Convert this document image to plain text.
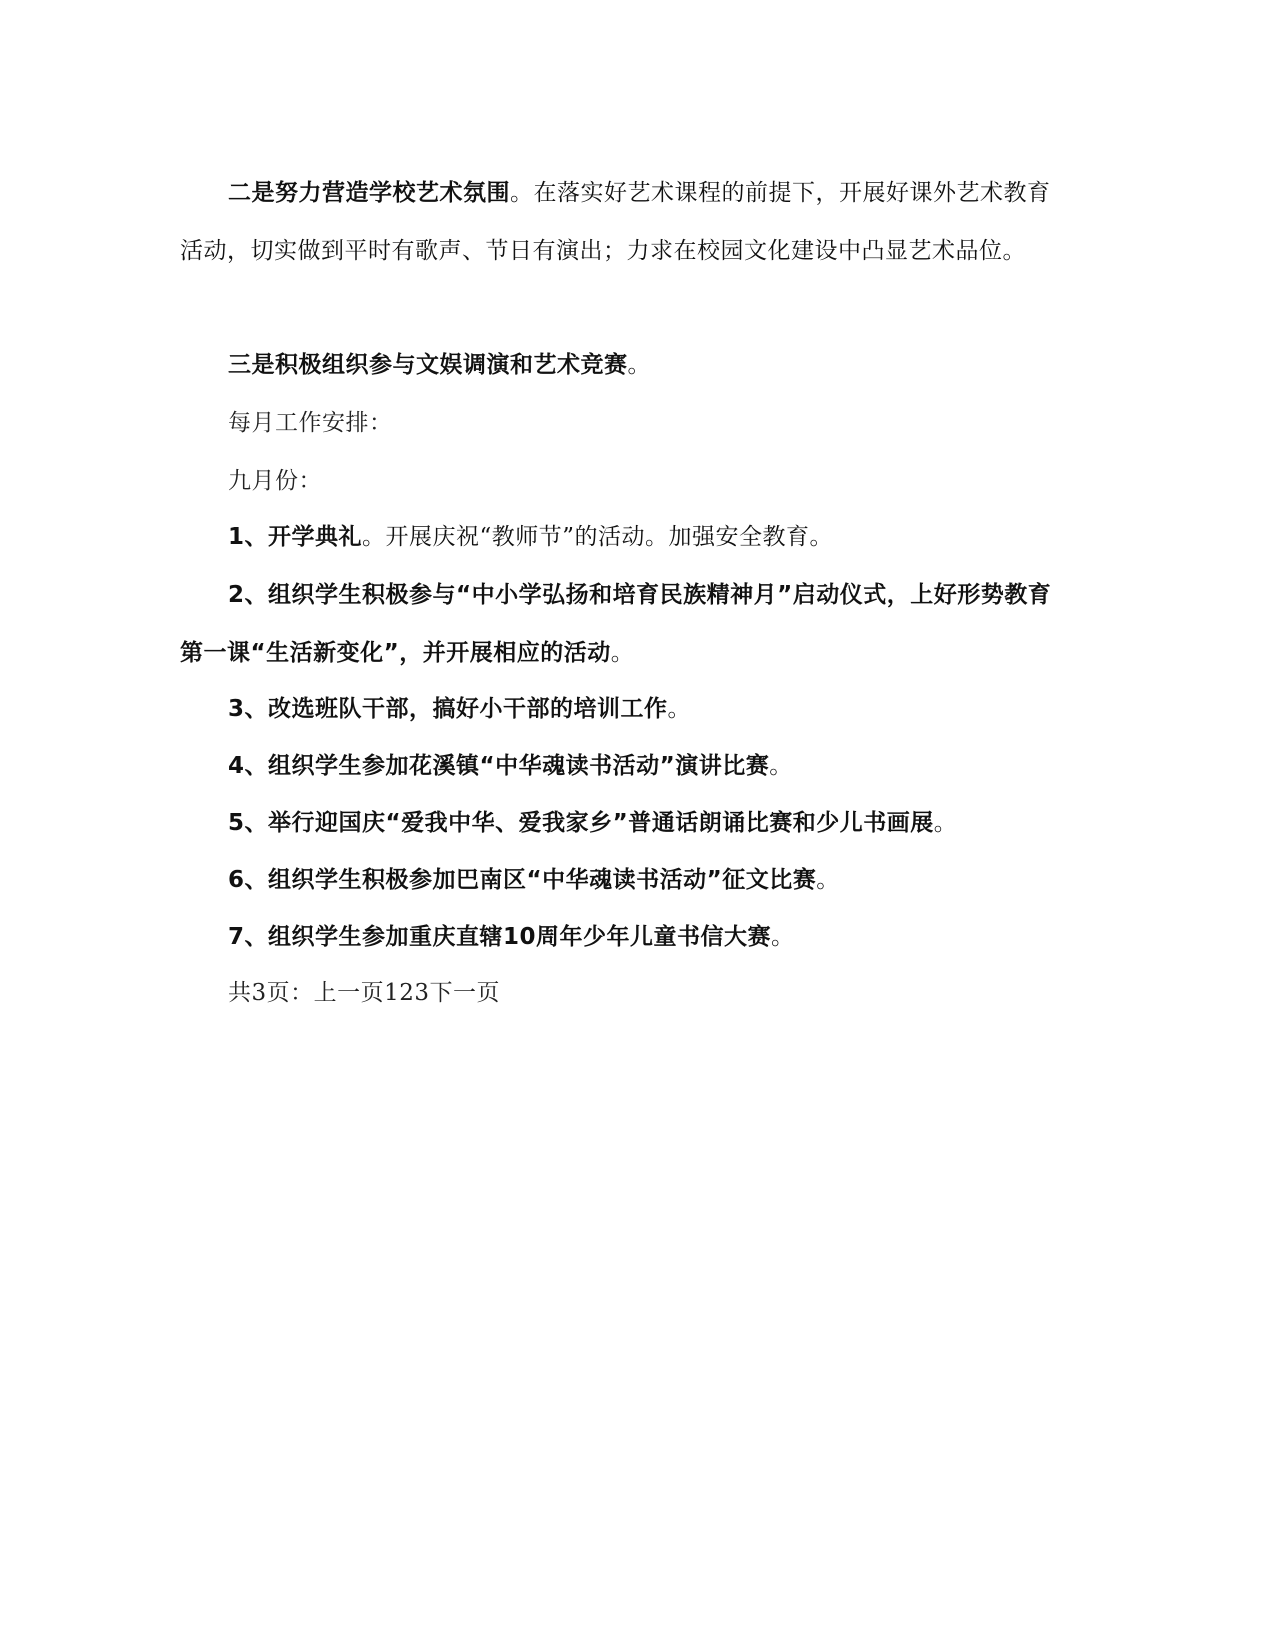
二是努力营造学校艺术氛围。在落实好艺术课程的前提下，开展好课外艺术教育活动，切实做到平时有歌声、节日有演出；力求在校园文化建设中凸显艺术品位。

三是积极组织参与文娱调演和艺术竞赛。

每月工作安排：

九月份：

1、开学典礼。开展庆祝“教师节”的活动。加强安全教育。

2、组织学生积极参与“中小学弘扬和培育民族精神月”启动仪式，上好形势教育第一课“生活新变化”，并开展相应的活动。

3、改选班队干部，搞好小干部的培训工作。

4、组织学生参加花溪镇“中华魂读书活动”演讲比赛。

5、举行迎国庆“爱我中华、爱我家乡”普通话朗诵比赛和少儿书画展。

6、组织学生积极参加巴南区“中华魂读书活动”征文比赛。

7、组织学生参加重庆直辖10周年少年儿童书信大赛。

共3页：上一页123下一页
